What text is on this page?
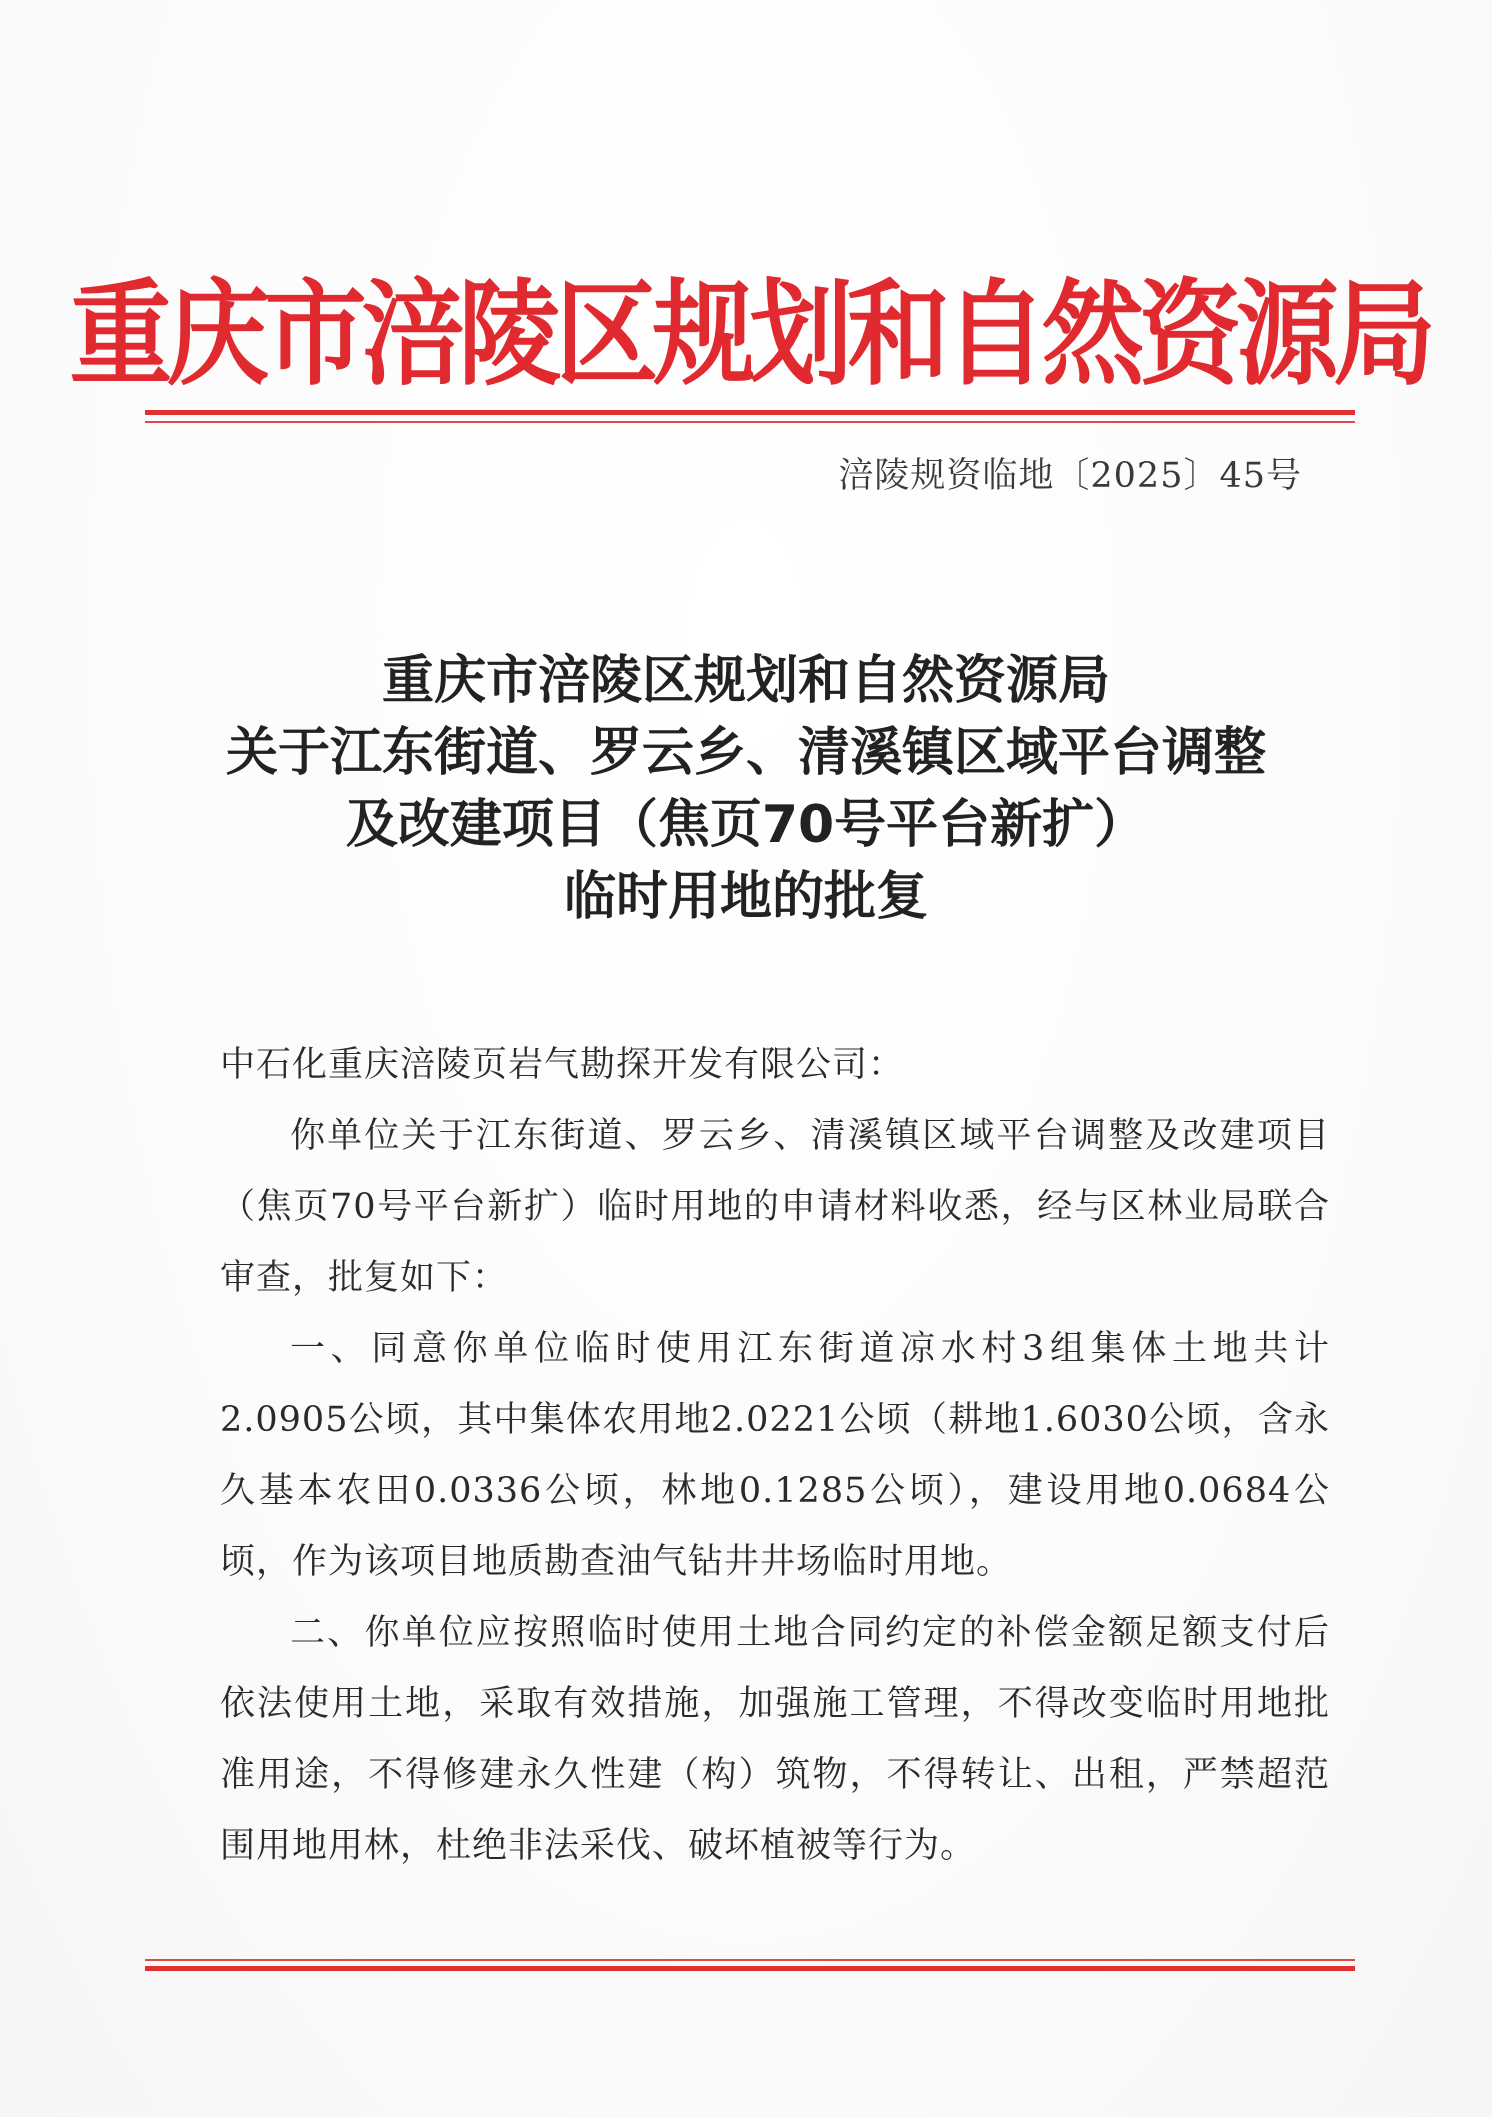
重庆市涪陵区规划和自然资源局
涪陵规资临地〔2025〕45号
重庆市涪陵区规划和自然资源局
关于江东街道、罗云乡、清溪镇区域平台调整
及改建项目（焦页70号平台新扩）
临时用地的批复
中石化重庆涪陵页岩气勘探开发有限公司：
你单位关于江东街道、罗云乡、清溪镇区域平台调整及改建项目（焦页70号平台新扩）临时用地的申请材料收悉，经与区林业局联合审查，批复如下：
一、同意你单位临时使用江东街道凉水村3组集体土地共计2.0905公顷，其中集体农用地2.0221公顷（耕地1.6030公顷，含永久基本农田0.0336公顷，林地0.1285公顷），建设用地0.0684公顷，作为该项目地质勘查油气钻井井场临时用地。
二、你单位应按照临时使用土地合同约定的补偿金额足额支付后依法使用土地，采取有效措施，加强施工管理，不得改变临时用地批准用途，不得修建永久性建（构）筑物，不得转让、出租，严禁超范围用地用林，杜绝非法采伐、破坏植被等行为。
